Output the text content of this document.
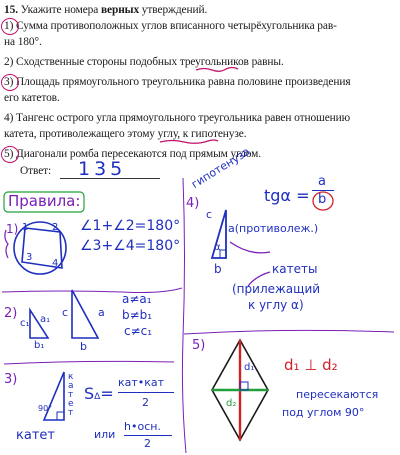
15. Укажите номера верных утверждений.
1) Сумма противоположных углов вписанного четырёхугольника рав-
на 180°.
2) Сходственные стороны подобных треугольников равны.
3) Площадь прямоугольного треугольника равна половине произведения
его катетов.
4) Тангенс острого угла прямоугольного треугольника равен отношению
катета, противолежащего этому углу, к гипотенузе.
5) Диагонали ромба пересекаются под прямым углом.
Ответ: 135
Правила:
1) 1 2
3
4
∠1+∠2=180°
∠3+∠4=180°
2)
c₁ a₁
b₁
c	a
b
a≠a₁
b≠b₁
c≠c₁
3)	к
а
т
е
т
90°
катет
SΔ=
кат•кат
2
или
h•осн.
2
4)
гипотенуза
c
tgα =
a
b
a(противолеж.)
α
b	катеты
(прилежащий
к углу α)
5)
d₁
d₂
d₁ ⊥ d₂
пересекаются
под углом 90°
